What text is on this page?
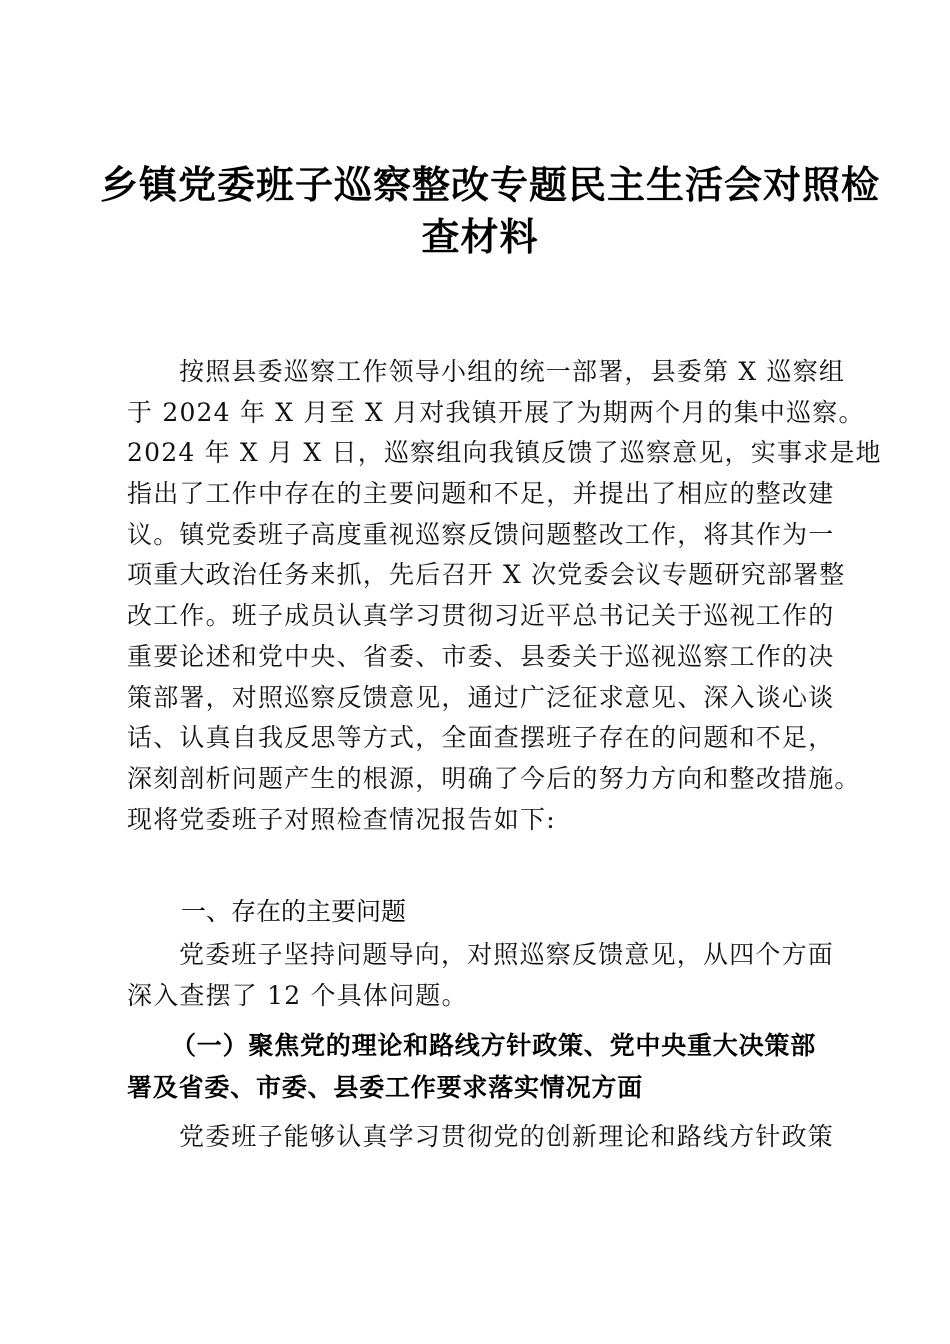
乡镇党委班子巡察整改专题民主生活会对照检
查材料
按照县委巡察工作领导小组的统一部署，县委第 X 巡察组
于 2024 年 X 月至 X 月对我镇开展了为期两个月的集中巡察。
2024 年 X 月 X 日，巡察组向我镇反馈了巡察意见，实事求是地
指出了工作中存在的主要问题和不足，并提出了相应的整改建
议。镇党委班子高度重视巡察反馈问题整改工作，将其作为一
项重大政治任务来抓，先后召开 X 次党委会议专题研究部署整
改工作。班子成员认真学习贯彻习近平总书记关于巡视工作的
重要论述和党中央、省委、市委、县委关于巡视巡察工作的决
策部署，对照巡察反馈意见，通过广泛征求意见、深入谈心谈
话、认真自我反思等方式，全面查摆班子存在的问题和不足，
深刻剖析问题产生的根源，明确了今后的努力方向和整改措施。
现将党委班子对照检查情况报告如下:
一、存在的主要问题
党委班子坚持问题导向，对照巡察反馈意见，从四个方面
深入查摆了 12 个具体问题。
（一）聚焦党的理论和路线方针政策、党中央重大决策部
署及省委、市委、县委工作要求落实情况方面
党委班子能够认真学习贯彻党的创新理论和路线方针政策
